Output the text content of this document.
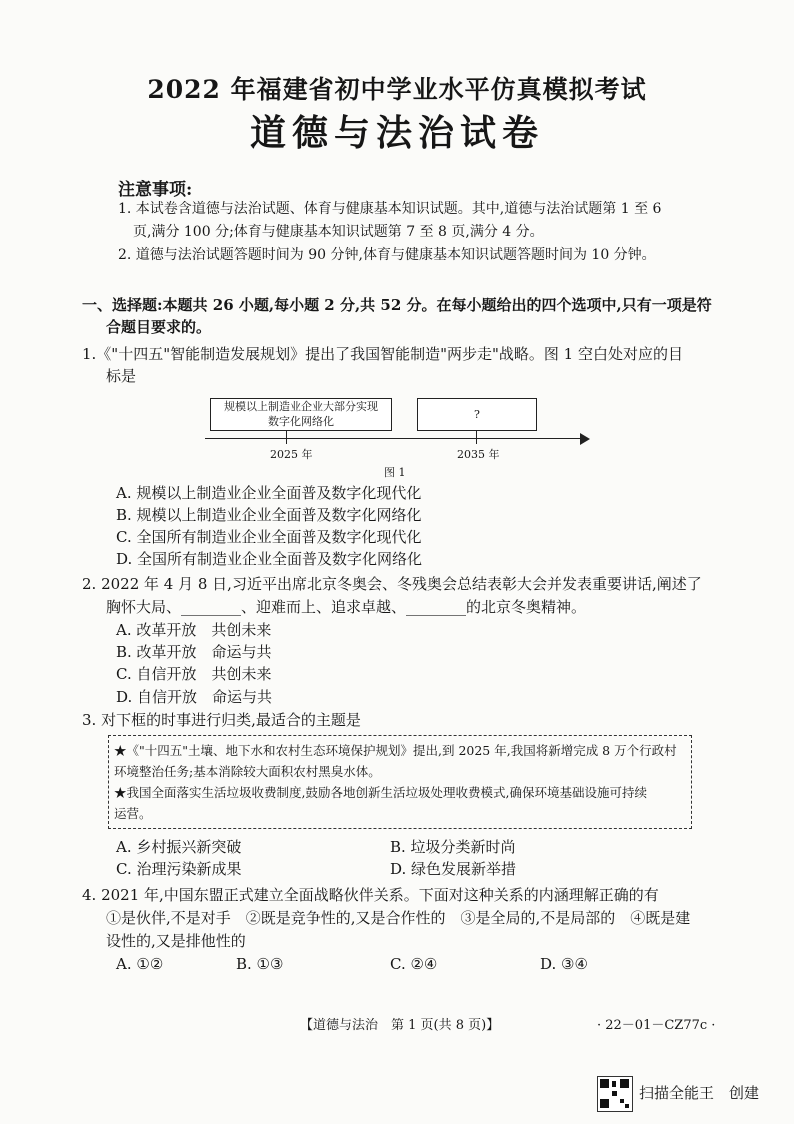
2022 年福建省初中学业水平仿真模拟考试
道德与法治试卷
注意事项:
1. 本试卷含道德与法治试题、体育与健康基本知识试题。其中,道德与法治试题第 1 至 6
页,满分 100 分;体育与健康基本知识试题第 7 至 8 页,满分 4 分。
2. 道德与法治试题答题时间为 90 分钟,体育与健康基本知识试题答题时间为 10 分钟。
一、选择题:本题共 26 小题,每小题 2 分,共 52 分。在每小题给出的四个选项中,只有一项是符
合题目要求的。
1.《"十四五"智能制造发展规划》提出了我国智能制造"两步走"战略。图 1 空白处对应的目
标是
规模以上制造业企业大部分实现
数字化网络化
?
2025 年	2035 年
图 1
A. 规模以上制造业企业全面普及数字化现代化
B. 规模以上制造业企业全面普及数字化网络化
C. 全国所有制造业企业全面普及数字化现代化
D. 全国所有制造业企业全面普及数字化网络化
2. 2022 年 4 月 8 日,习近平出席北京冬奥会、冬残奥会总结表彰大会并发表重要讲话,阐述了
胸怀大局、________、迎难而上、追求卓越、________的北京冬奥精神。
A. 改革开放　共创未来
B. 改革开放　命运与共
C. 自信开放　共创未来
D. 自信开放　命运与共
3. 对下框的时事进行归类,最适合的主题是
★《"十四五"土壤、地下水和农村生态环境保护规划》提出,到 2025 年,我国将新增完成 8 万个行政村
环境整治任务;基本消除较大面积农村黑臭水体。
★我国全面落实生活垃圾收费制度,鼓励各地创新生活垃圾处理收费模式,确保环境基础设施可持续
运营。
A. 乡村振兴新突破	B. 垃圾分类新时尚
C. 治理污染新成果	D. 绿色发展新举措
4. 2021 年,中国东盟正式建立全面战略伙伴关系。下面对这种关系的内涵理解正确的有
①是伙伴,不是对手　②既是竞争性的,又是合作性的　③是全局的,不是局部的　④既是建
设性的,又是排他性的
A. ①②	B. ①③	C. ②④	D. ③④
【道德与法治　第 1 页(共 8 页)】	· 22－01－CZ77c ·
扫描全能王　创建
